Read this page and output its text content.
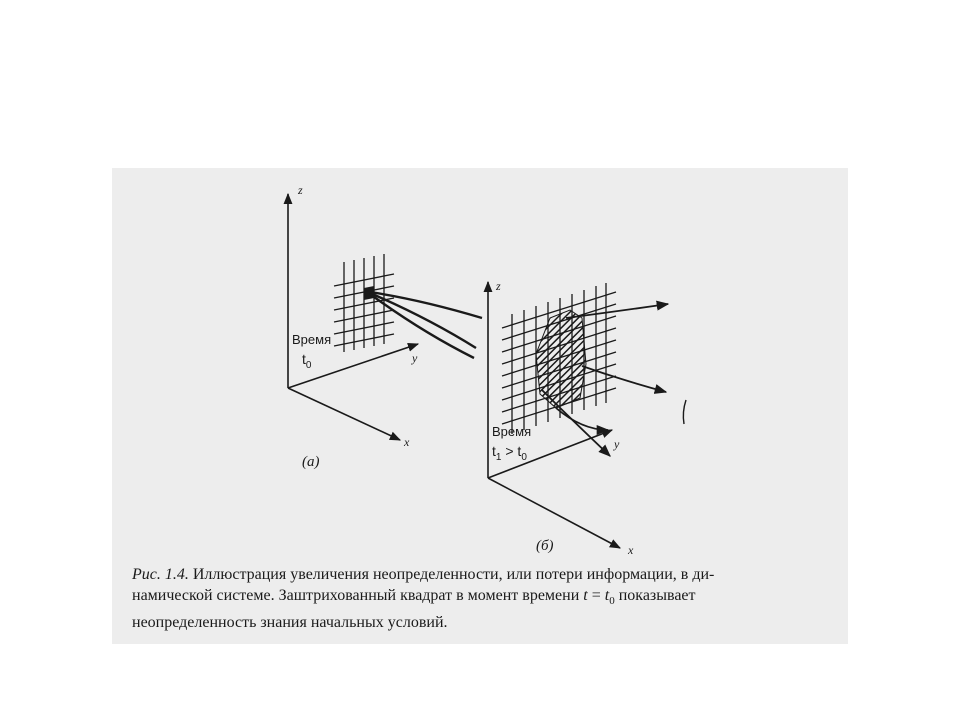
z
x
y
Время
$t_0$
(a)
z
x
y
Время
$t_1 > t_0$
(б)
Рис. 1.4. Иллюстрация увеличения неопределенности, или потери информации, в ди-
намической системе. Заштрихованный квадрат в момент времени $t = t_0$ показывает
неопределенность знания начальных условий.
